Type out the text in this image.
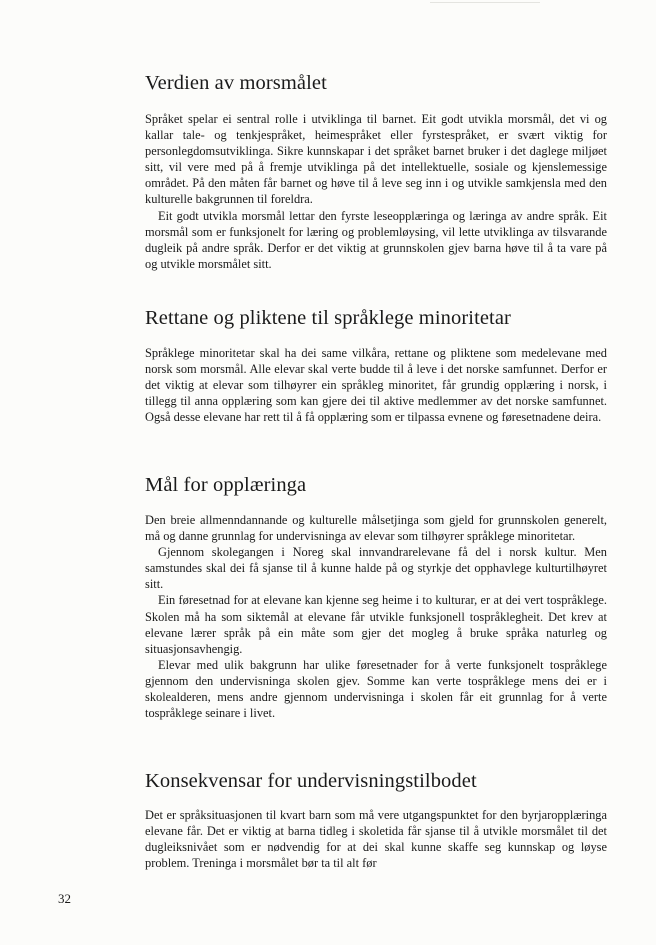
Verdien av morsmålet

Språket spelar ei sentral rolle i utviklinga til barnet. Eit godt utvikla morsmål, det vi og kallar tale- og tenkjespråket, heimespråket eller fyrstespråket, er svært viktig for personlegdomsutviklinga. Sikre kunnskapar i det språket barnet bruker i det daglege miljøet sitt, vil vere med på å fremje utviklinga på det intellektuelle, sosiale og kjenslemessige området. På den måten får barnet og høve til å leve seg inn i og utvikle samkjensla med den kulturelle bakgrunnen til foreldra.

Eit godt utvikla morsmål lettar den fyrste leseopplæringa og læringa av andre språk. Eit morsmål som er funksjonelt for læring og problemløysing, vil lette utviklinga av tilsvarande dugleik på andre språk. Derfor er det viktig at grunnskolen gjev barna høve til å ta vare på og utvikle morsmålet sitt.

Rettane og pliktene til språklege minoritetar

Språklege minoritetar skal ha dei same vilkåra, rettane og pliktene som medelevane med norsk som morsmål. Alle elevar skal verte budde til å leve i det norske samfunnet. Derfor er det viktig at elevar som tilhøyrer ein språkleg minoritet, får grundig opplæring i norsk, i tillegg til anna opplæring som kan gjere dei til aktive medlemmer av det norske samfunnet. Også desse elevane har rett til å få opplæring som er tilpassa evnene og føresetnadene deira.

Mål for opplæringa

Den breie allmenndannande og kulturelle målsetjinga som gjeld for grunnskolen generelt, må og danne grunnlag for undervisninga av elevar som tilhøyrer språklege minoritetar.

Gjennom skolegangen i Noreg skal innvandrarelevane få del i norsk kultur. Men samstundes skal dei få sjanse til å kunne halde på og styrkje det opphavlege kulturtilhøyret sitt.

Ein føresetnad for at elevane kan kjenne seg heime i to kulturar, er at dei vert tospråklege. Skolen må ha som siktemål at elevane får utvikle funksjonell tospråklegheit. Det krev at elevane lærer språk på ein måte som gjer det mogleg å bruke språka naturleg og situasjonsavhengig.

Elevar med ulik bakgrunn har ulike føresetnader for å verte funksjonelt tospråklege gjennom den undervisninga skolen gjev. Somme kan verte tospråklege mens dei er i skolealderen, mens andre gjennom undervisninga i skolen får eit grunnlag for å verte tospråklege seinare i livet.

Konsekvensar for undervisningstilbodet

Det er språksituasjonen til kvart barn som må vere utgangspunktet for den byrjaropplæringa elevane får. Det er viktig at barna tidleg i skoletida får sjanse til å utvikle morsmålet til det dugleiksnivået som er nødvendig for at dei skal kunne skaffe seg kunnskap og løyse problem. Treninga i morsmålet bør ta til alt før

32
